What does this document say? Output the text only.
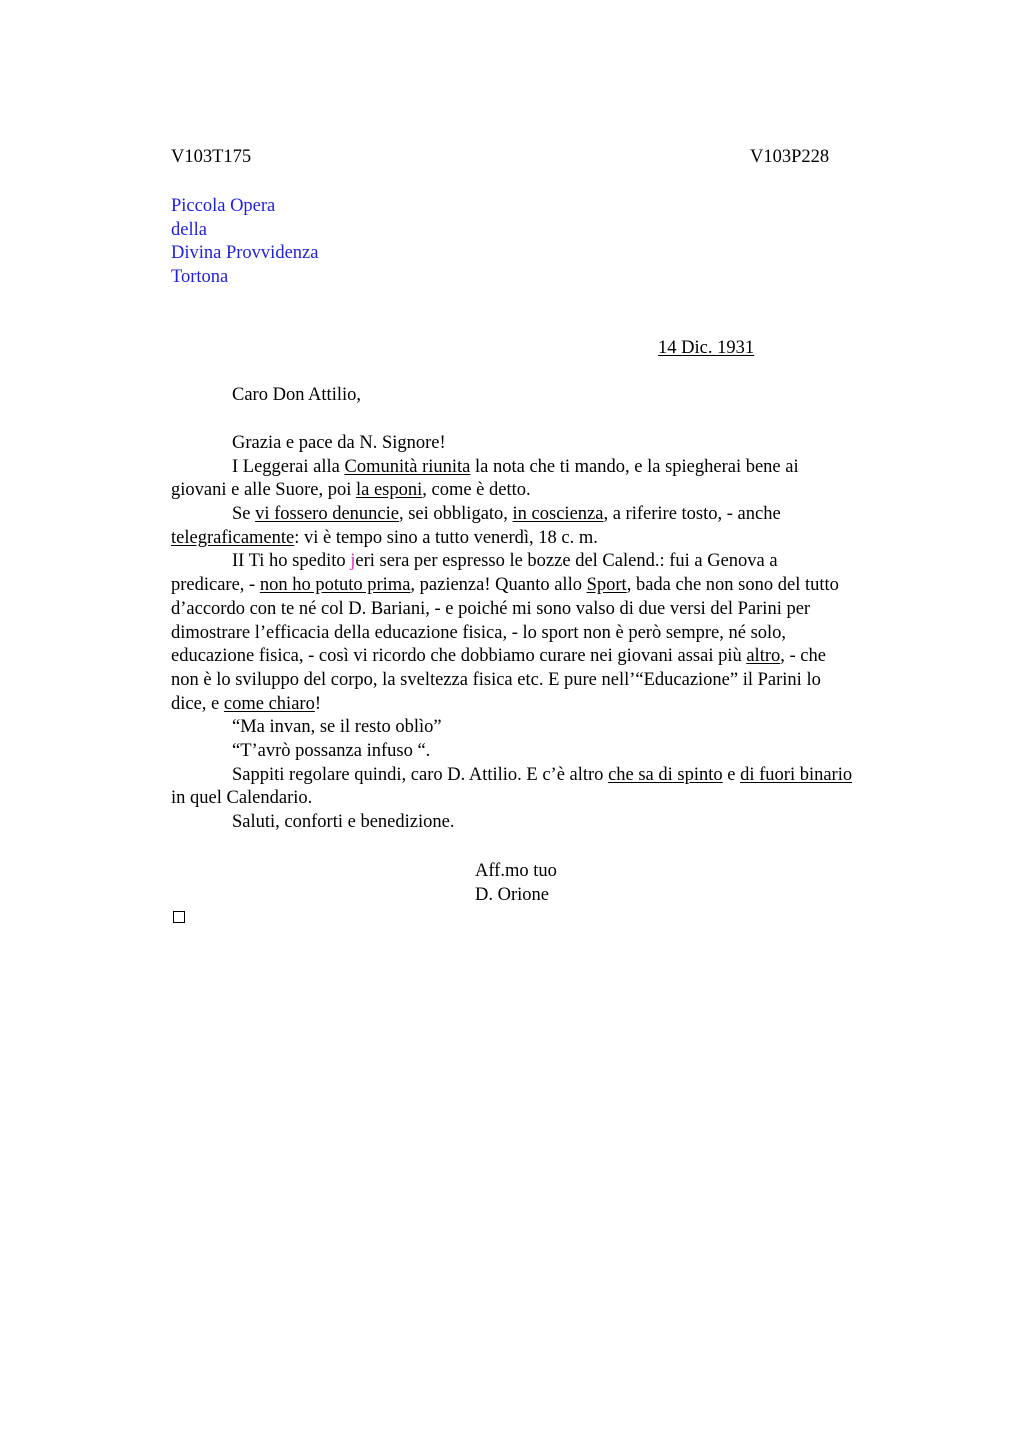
V103T175	V103P228
Piccola Opera
della
Divina Provvidenza
Tortona
14 Dic. 1931
Caro Don Attilio,
Grazia e pace da N. Signore!
I Leggerai alla Comunità riunita la nota che ti mando, e la spiegherai bene ai
giovani e alle Suore, poi la esponi, come è detto.
Se vi fossero denuncie, sei obbligato, in coscienza, a riferire tosto, - anche
telegraficamente: vi è tempo sino a tutto venerdì, 18 c. m.
II Ti ho spedito jeri sera per espresso le bozze del Calend.: fui a Genova a
predicare, - non ho potuto prima, pazienza! Quanto allo Sport, bada che non sono del tutto
d’accordo con te né col D. Bariani, - e poiché mi sono valso di due versi del Parini per
dimostrare l’efficacia della educazione fisica, - lo sport non è però sempre, né solo,
educazione fisica, - così vi ricordo che dobbiamo curare nei giovani assai più altro, - che
non è lo sviluppo del corpo, la sveltezza fisica etc. E pure nell’“Educazione” il Parini lo
dice, e come chiaro!
“Ma invan, se il resto oblìo”
“T’avrò possanza infuso “.
Sappiti regolare quindi, caro D. Attilio. E c’è altro che sa di spinto e di fuori binario
in quel Calendario.
Saluti, conforti e benedizione.
Aff.mo tuo
D. Orione
